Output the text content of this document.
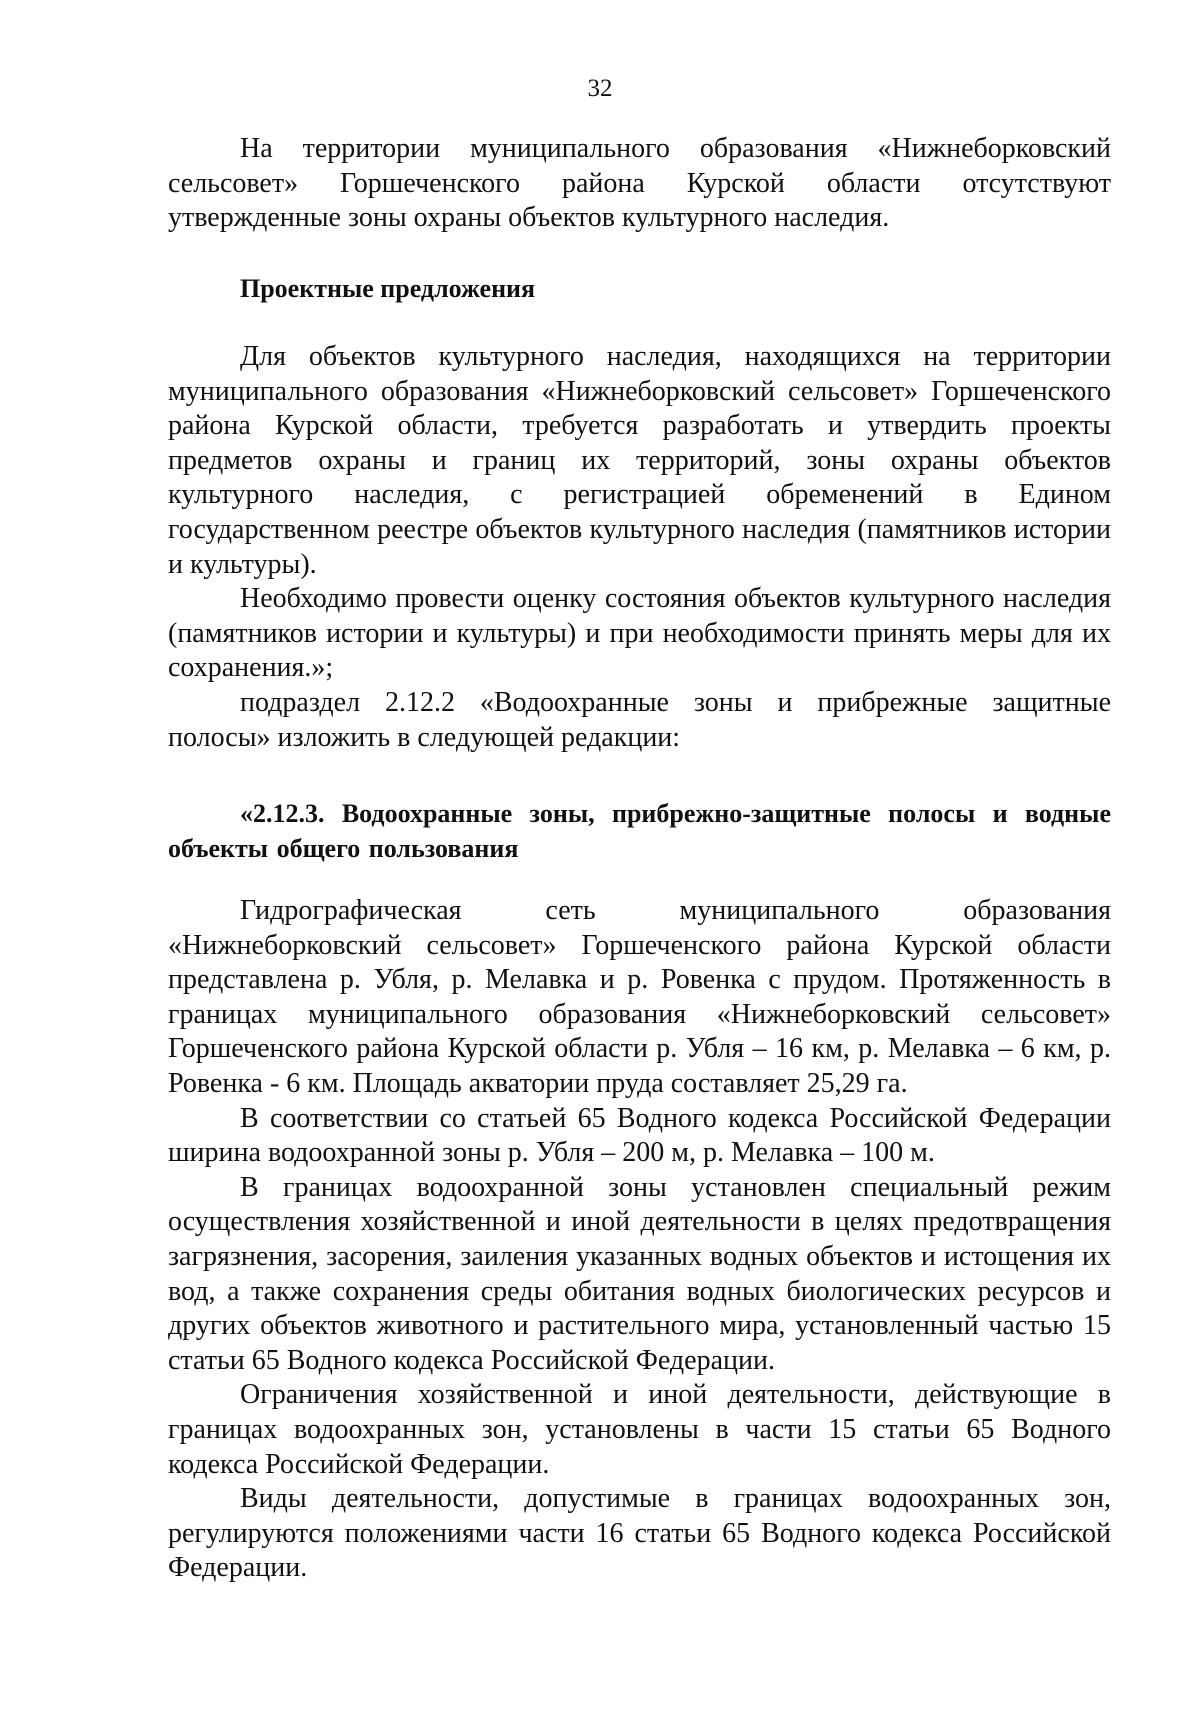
32

На территории муниципального образования «Нижнеборковский сельсовет» Горшеченского района Курской области отсутствуют утвержденные зоны охраны объектов культурного наследия.

Проектные предложения

Для объектов культурного наследия, находящихся на территории муниципального образования «Нижнеборковский сельсовет» Горшеченского района Курской области, требуется разработать и утвердить проекты предметов охраны и границ их территорий, зоны охраны объектов культурного наследия, с регистрацией обременений в Едином государственном реестре объектов культурного наследия (памятников истории и культуры).

Необходимо провести оценку состояния объектов культурного наследия (памятников истории и культуры) и при необходимости принять меры для их сохранения.»;

подраздел 2.12.2 «Водоохранные зоны и прибрежные защитные полосы» изложить в следующей редакции:

«2.12.3. Водоохранные зоны, прибрежно-защитные полосы и водные объекты общего пользования

Гидрографическая сеть муниципального образования «Нижнеборковский сельсовет» Горшеченского района Курской области представлена р. Убля, р. Мелавка и р. Ровенка с прудом. Протяженность в границах муниципального образования «Нижнеборковский сельсовет» Горшеченского района Курской области р. Убля – 16 км, р. Мелавка – 6 км, р. Ровенка - 6 км. Площадь акватории пруда составляет 25,29 га.

В соответствии со статьей 65 Водного кодекса Российской Федерации ширина водоохранной зоны р. Убля – 200 м, р. Мелавка – 100 м.

В границах водоохранной зоны установлен специальный режим осуществления хозяйственной и иной деятельности в целях предотвращения загрязнения, засорения, заиления указанных водных объектов и истощения их вод, а также сохранения среды обитания водных биологических ресурсов и других объектов животного и растительного мира, установленный частью 15 статьи 65 Водного кодекса Российской Федерации.

Ограничения хозяйственной и иной деятельности, действующие в границах водоохранных зон, установлены в части 15 статьи 65 Водного кодекса Российской Федерации.

Виды деятельности, допустимые в границах водоохранных зон, регулируются положениями части 16 статьи 65 Водного кодекса Российской Федерации.
